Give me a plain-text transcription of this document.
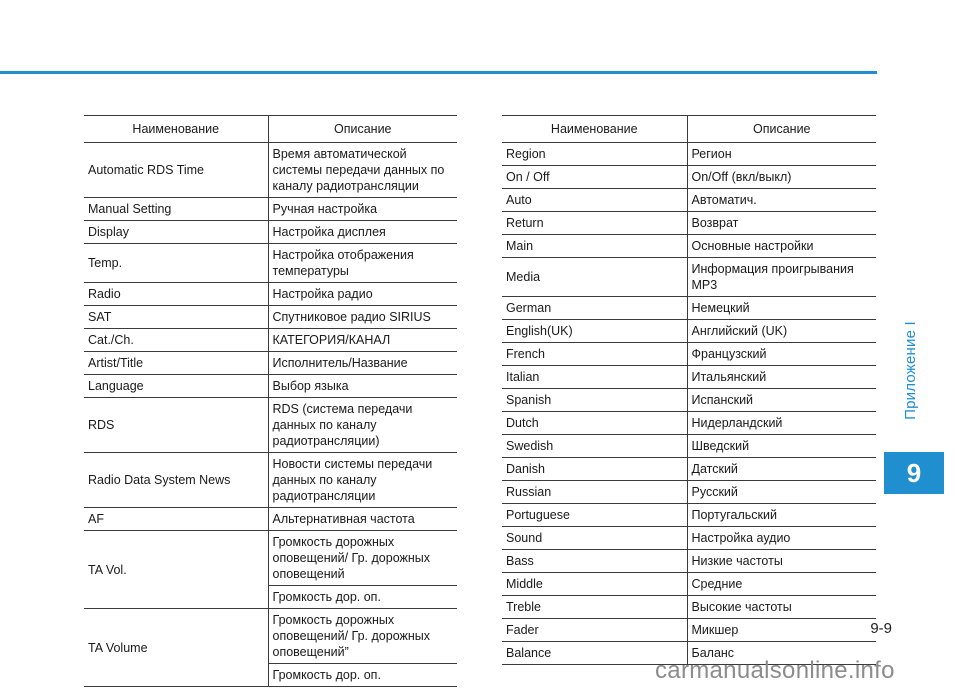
Приложение I
9
Наименование	Описание
Automatic RDS Time	Время автоматической системы передачи данных по каналу радиотрансляции
Manual Setting	Ручная настройка
Display	Настройка дисплея
Temp.	Настройка отображения температуры
Radio	Настройка радио
SAT	Спутниковое радио SIRIUS
Cat./Ch.	КАТЕГОРИЯ/КАНАЛ
Artist/Title	Исполнитель/Название
Language	Выбор языка
RDS	RDS (система передачи данных по каналу радиотрансляции)
Radio Data System News	Новости системы передачи данных по каналу радиотрансляции
AF	Альтернативная частота
TA Vol.	Громкость дорожных оповещений/ Гр. дорожных оповещений
	Громкость дор. оп.
TA Volume	Громкость дорожных оповещений/ Гр. дорожных оповещений”
	Громкость дор. оп.
Наименование	Описание
Region	Регион
On / Off	On/Off (вкл/выкл)
Auto	Автоматич.
Return	Возврат
Main	Основные настройки
Media	Информация проигрывания MP3
German	Немецкий
English(UK)	Английский (UK)
French	Французский
Italian	Итальянский
Spanish	Испанский
Dutch	Нидерландский
Swedish	Шведский
Danish	Датский
Russian	Русский
Portuguese	Португальский
Sound	Настройка аудио
Bass	Низкие частоты
Middle	Средние
Treble	Высокие частоты
Fader	Микшер
Balance	Баланс
9-9
carmanualsonline.info
